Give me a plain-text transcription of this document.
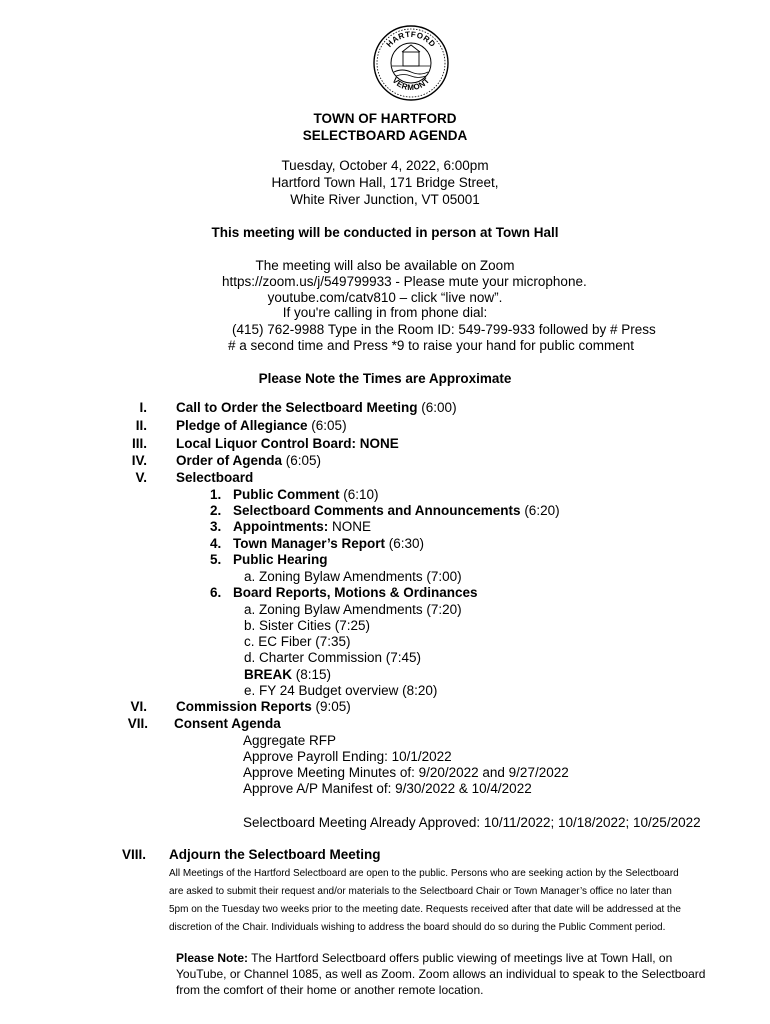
HARTFORD
VERMONT
TOWN OF HARTFORD
SELECTBOARD AGENDA
Tuesday, October 4, 2022, 6:00pm
Hartford Town Hall, 171 Bridge Street,
White River Junction, VT 05001
This meeting will be conducted in person at Town Hall
The meeting will also be available on Zoom
https://zoom.us/j/549799933 - Please mute your microphone.
youtube.com/catv810 – click “live now”.
If you're calling in from phone dial:
(415) 762-9988 Type in the Room ID: 549-799-933 followed by # Press
# a second time and Press *9 to raise your hand for public comment
Please Note the Times are Approximate
I. Call to Order the Selectboard Meeting (6:00)
II. Pledge of Allegiance (6:05)
III. Local Liquor Control Board: NONE
IV. Order of Agenda (6:05)
V. Selectboard
1. Public Comment (6:10)
2. Selectboard Comments and Announcements (6:20)
3. Appointments: NONE
4. Town Manager’s Report (6:30)
5. Public Hearing
a. Zoning Bylaw Amendments (7:00)
6. Board Reports, Motions & Ordinances
a. Zoning Bylaw Amendments (7:20)
b. Sister Cities (7:25)
c. EC Fiber (7:35)
d. Charter Commission (7:45)
BREAK (8:15)
e. FY 24 Budget overview (8:20)
VI. Commission Reports (9:05)
VII. Consent Agenda
Aggregate RFP
Approve Payroll Ending: 10/1/2022
Approve Meeting Minutes of: 9/20/2022 and 9/27/2022
Approve A/P Manifest of: 9/30/2022 & 10/4/2022
Selectboard Meeting Already Approved: 10/11/2022; 10/18/2022; 10/25/2022
VIII. Adjourn the Selectboard Meeting
All Meetings of the Hartford Selectboard are open to the public. Persons who are seeking action by the Selectboard
are asked to submit their request and/or materials to the Selectboard Chair or Town Manager’s office no later than
5pm on the Tuesday two weeks prior to the meeting date. Requests received after that date will be addressed at the
discretion of the Chair. Individuals wishing to address the board should do so during the Public Comment period.
Please Note: The Hartford Selectboard offers public viewing of meetings live at Town Hall, on
YouTube, or Channel 1085, as well as Zoom. Zoom allows an individual to speak to the Selectboard
from the comfort of their home or another remote location.
